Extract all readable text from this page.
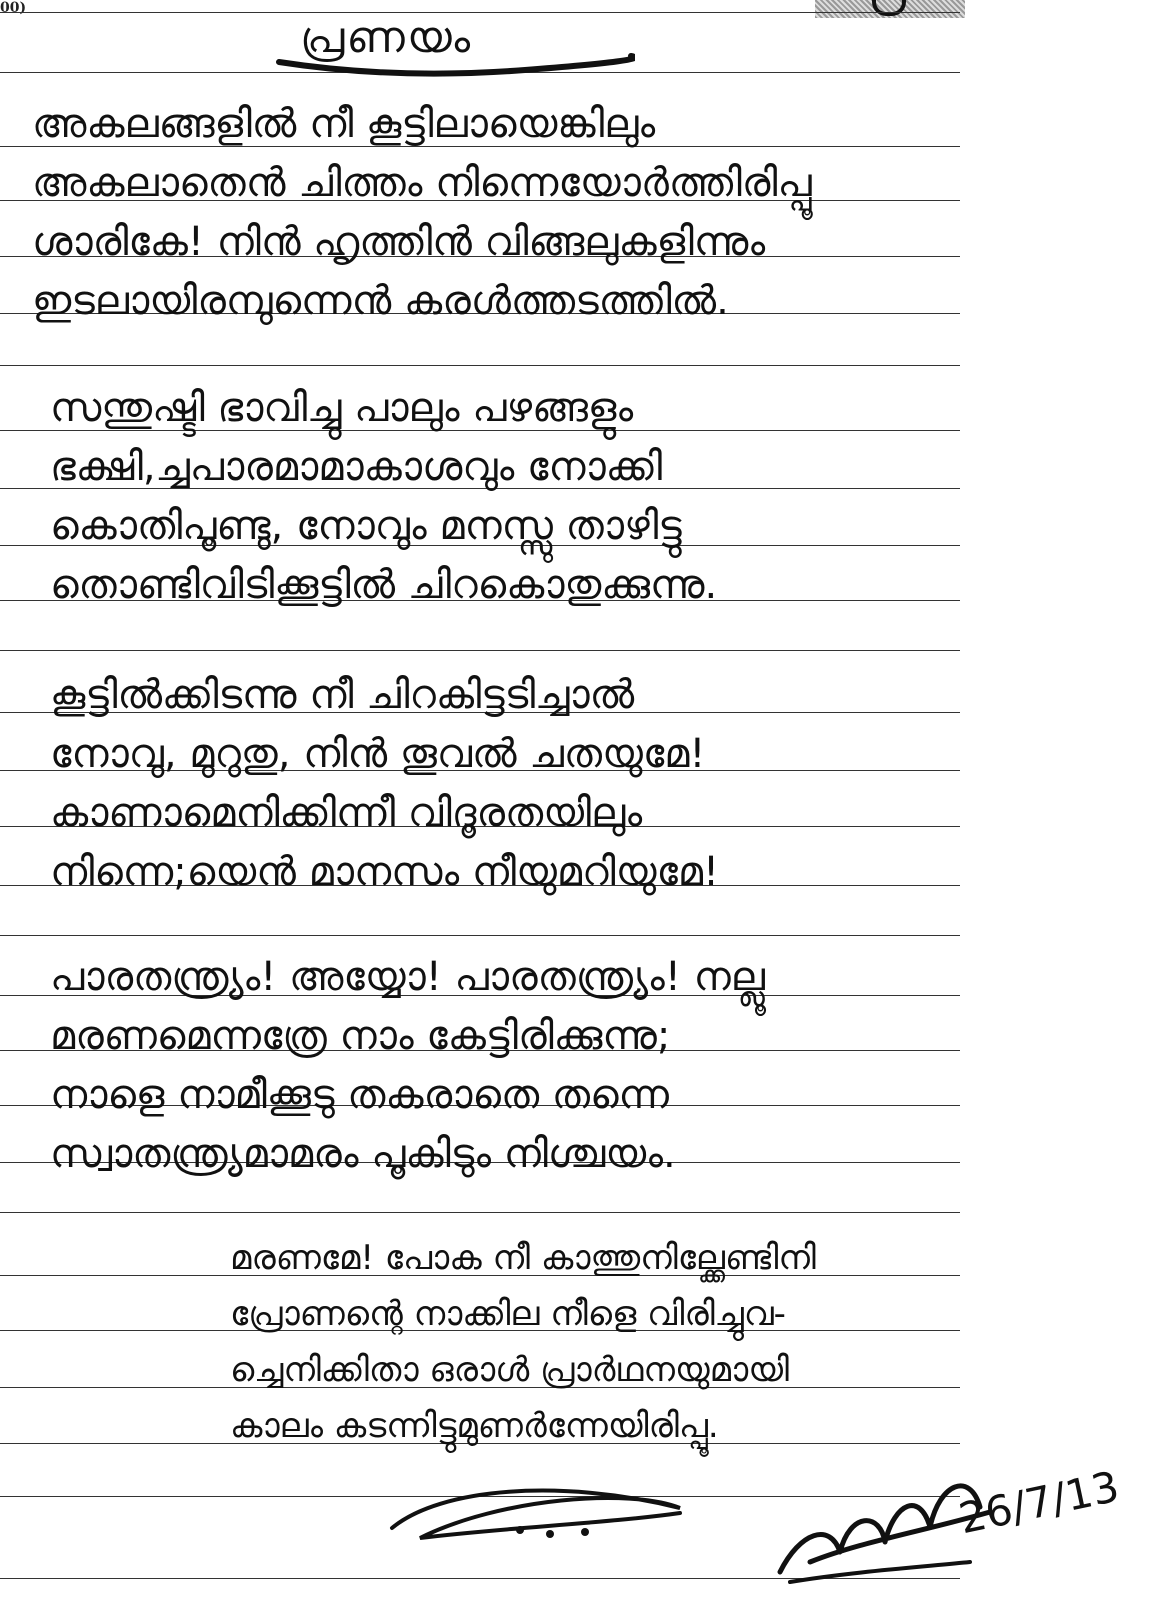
00)
പ്രണയം
അകലങ്ങളിൽ നീ കൂട്ടിലായെങ്കിലും
അകലാതെൻ ചിത്തം നിന്നെയോർത്തിരിപ്പൂ
ശാരികേ! നിൻ ഹൃത്തിൻ വിങ്ങലുകളിന്നും
ഇടലായിരമ്പുന്നെൻ കരൾത്തടത്തിൽ.
സന്തുഷ്ടി ഭാവിച്ചു പാലും പഴങ്ങളും
ഭക്ഷി,ച്ചപാരമാമാകാശവും നോക്കി
കൊതിപൂണ്ടു, നോവും മനസ്സു താഴിട്ടു
തൊണ്ടിവിടിക്കൂട്ടിൽ ചിറകൊതുക്കുന്നു.
കൂട്ടിൽക്കിടന്നു നീ ചിറകിട്ടടിച്ചാൽ
നോവു, മുറുതു, നിൻ തൂവൽ ചതയുമേ!
കാണാമെനിക്കിന്നീ വിദൂരതയിലും
നിന്നെ;യെൻ മാനസം നീയുമറിയുമേ!
പാരതന്ത്ര്യം! അയ്യോ! പാരതന്ത്ര്യം! നല്ലൂ
മരണമെന്നത്രേ നാം കേട്ടിരിക്കുന്നു;
നാളെ നാമീക്കൂടു തകരാതെ തന്നെ
സ്വാതന്ത്ര്യമാമരം പൂകിടും നിശ്ചയം.
മരണമേ! പോക നീ കാത്തുനില്ക്കേണ്ടിനി
പ്രോണന്റെ നാക്കില നീളെ വിരിച്ചുവ-
ച്ചെനിക്കിതാ ഒരാൾ പ്രാർഥനയുമായി
കാലം കടന്നിട്ടുമുണർന്നേയിരിപ്പൂ.
26/7/13
